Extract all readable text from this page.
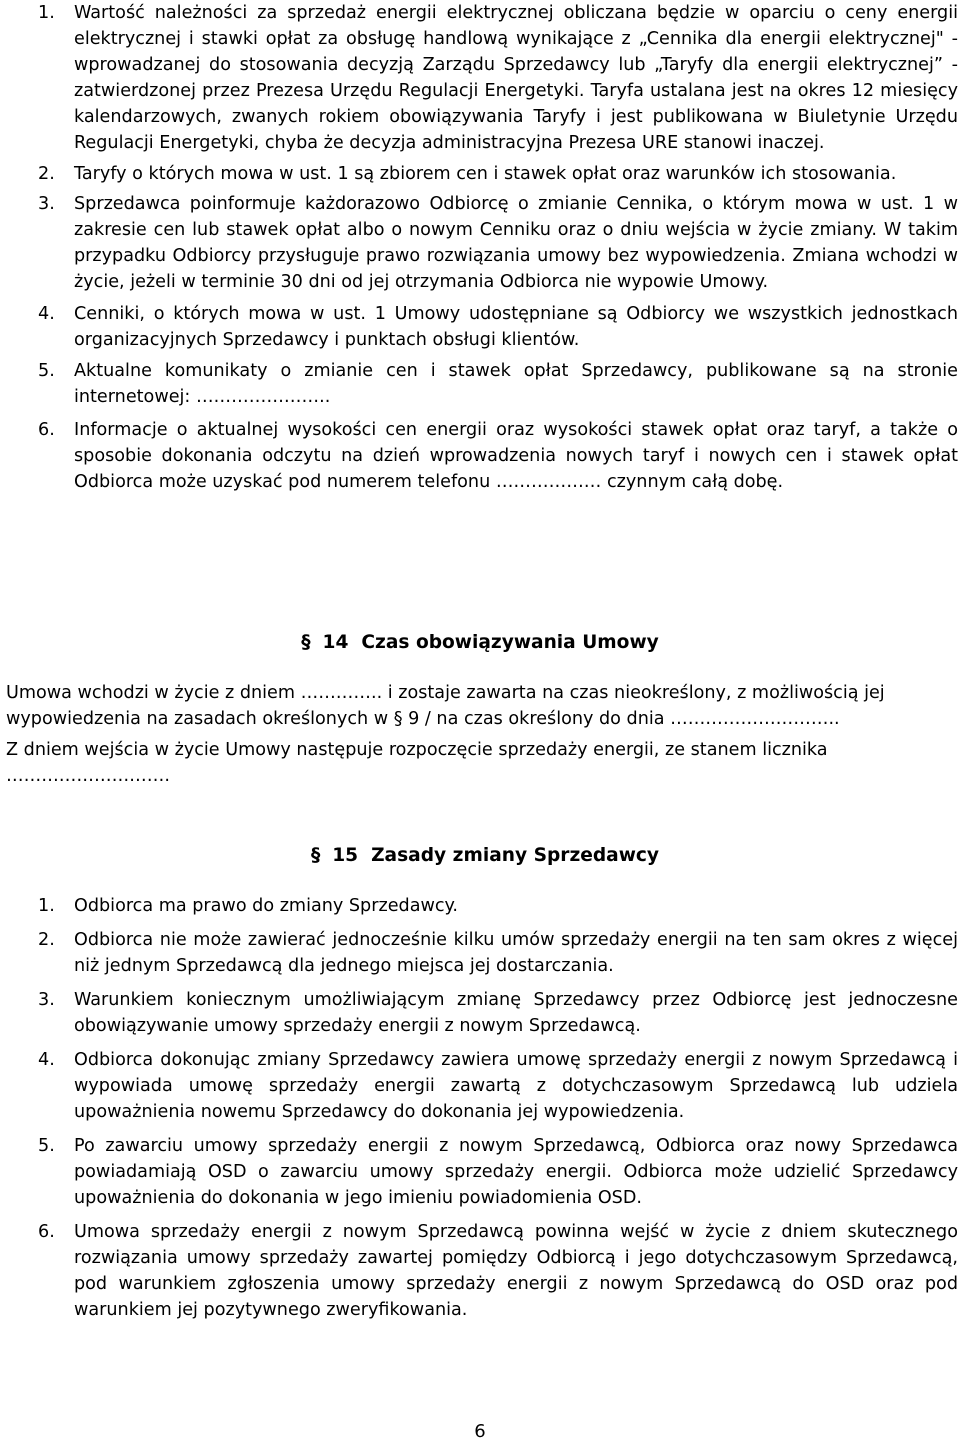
1. Wartość należności za sprzedaż energii elektrycznej obliczana będzie w oparciu o ceny energii elektrycznej i stawki opłat za obsługę handlową wynikające z „Cennika dla energii elektrycznej" - wprowadzanej do stosowania decyzją Zarządu Sprzedawcy lub „Taryfy dla energii elektrycznej” -zatwierdzonej przez Prezesa Urzędu Regulacji Energetyki. Taryfa ustalana jest na okres 12 miesięcy kalendarzowych, zwanych rokiem obowiązywania Taryfy i jest publikowana w Biuletynie Urzędu Regulacji Energetyki, chyba że decyzja administracyjna Prezesa URE stanowi inaczej.
2. Taryfy o których mowa w ust. 1 są zbiorem cen i stawek opłat oraz warunków ich stosowania.
3. Sprzedawca poinformuje każdorazowo Odbiorcę o zmianie Cennika, o którym mowa w ust. 1 w zakresie cen lub stawek opłat albo o nowym Cenniku oraz o dniu wejścia w życie zmiany. W takim przypadku Odbiorcy przysługuje prawo rozwiązania umowy bez wypowiedzenia. Zmiana wchodzi w życie, jeżeli w terminie 30 dni od jej otrzymania Odbiorca nie wypowie Umowy.
4. Cenniki, o których mowa w ust. 1 Umowy udostępniane są Odbiorcy we wszystkich jednostkach organizacyjnych Sprzedawcy i punktach obsługi klientów.
5. Aktualne komunikaty o zmianie cen i stawek opłat Sprzedawcy, publikowane są na stronie internetowej: …………………..
6. Informacje o aktualnej wysokości cen energii oraz wysokości stawek opłat oraz taryf, a także o sposobie dokonania odczytu na dzień wprowadzenia nowych taryf i nowych cen i stawek opłat Odbiorca może uzyskać pod numerem telefonu ……………… czynnym całą dobę.
§ 14 Czas obowiązywania Umowy

Umowa wchodzi w życie z dniem ………….. i zostaje zawarta na czas nieokreślony, z możliwością jej wypowiedzenia na zasadach określonych w § 9 / na czas określony do dnia ………………………..

Z dniem wejścia w życie Umowy następuje rozpoczęcie sprzedaży energii, ze stanem licznika ……………………….

§ 15 Zasady zmiany Sprzedawcy
1. Odbiorca ma prawo do zmiany Sprzedawcy.
2. Odbiorca nie może zawierać jednocześnie kilku umów sprzedaży energii na ten sam okres z więcej niż jednym Sprzedawcą dla jednego miejsca jej dostarczania.
3. Warunkiem koniecznym umożliwiającym zmianę Sprzedawcy przez Odbiorcę jest jednoczesne obowiązywanie umowy sprzedaży energii z nowym Sprzedawcą.
4. Odbiorca dokonując zmiany Sprzedawcy zawiera umowę sprzedaży energii z nowym Sprzedawcą i wypowiada umowę sprzedaży energii zawartą z dotychczasowym Sprzedawcą lub udziela upoważnienia nowemu Sprzedawcy do dokonania jej wypowiedzenia.
5. Po zawarciu umowy sprzedaży energii z nowym Sprzedawcą, Odbiorca oraz nowy Sprzedawca powiadamiają OSD o zawarciu umowy sprzedaży energii. Odbiorca może udzielić Sprzedawcy upoważnienia do dokonania w jego imieniu powiadomienia OSD.
6. Umowa sprzedaży energii z nowym Sprzedawcą powinna wejść w życie z dniem skutecznego rozwiązania umowy sprzedaży zawartej pomiędzy Odbiorcą i jego dotychczasowym Sprzedawcą, pod warunkiem zgłoszenia umowy sprzedaży energii z nowym Sprzedawcą do OSD oraz pod warunkiem jej pozytywnego zweryfikowania.
6
